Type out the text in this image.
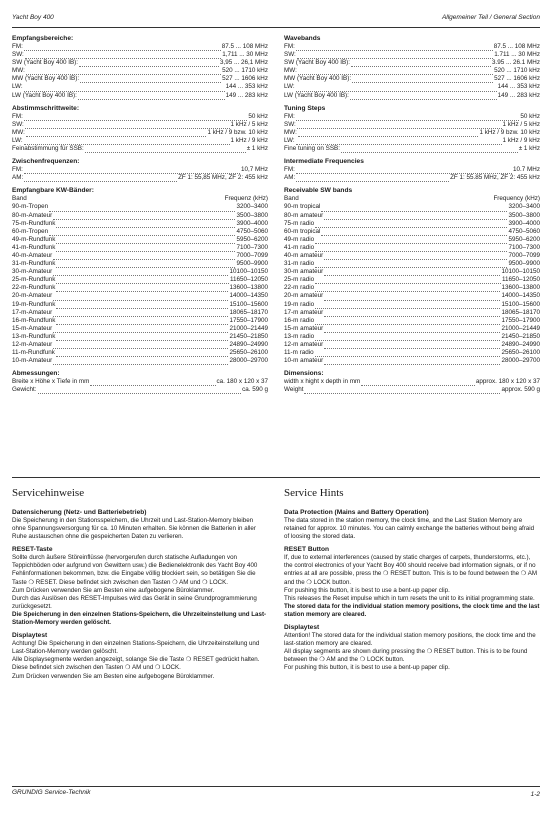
Yacht Boy 400	Allgemeiner Teil / General Section
Empfangsbereiche:
FM:	87.5 ... 108 MHz
SW:	1,711 ... 30 MHz
SW (Yacht Boy 400 IB):	3,95 ... 26,1 MHz
MW:	520 ... 1710 kHz
MW (Yacht Boy 400 IB):	527 ... 1606 kHz
LW:	144 ... 353 kHz
LW (Yacht Boy 400 IB):	149 ... 283 kHz
Abstimmschrittweite:
FM:	50 kHz
SW:	1 kHz / 5 kHz
MW:	1 kHz / 9 bzw. 10 kHz
LW:	1 kHz / 9 kHz
Feinabstimmung für SSB:	± 1 kHz
Zwischenfrequenzen:
FM:	10,7 MHz
AM:	ZF 1: 55,85 MHz, ZF 2: 455 kHz
Empfangbare KW-Bänder:
Band	Frequenz (kHz)
90-m-Tropen	3200–3400
80-m-Amateur	3500–3800
75-m-Rundfunk	3900–4000
60-m-Tropen	4750–5060
49-m-Rundfunk	5950–6200
41-m-Rundfunk	7100–7300
40-m-Amateur	7000–7099
31-m-Rundfunk	9500–9900
30-m-Amateur	10100–10150
25-m-Rundfunk	11650–12050
22-m-Rundfunk	13600–13800
20-m-Amateur	14000–14350
19-m-Rundfunk	15100–15600
17-m-Amateur	18065–18170
16-m-Rundfunk	17550–17900
15-m-Amateur	21000–21449
13-m-Rundfunk	21450–21850
12-m-Amateur	24890–24990
11-m-Rundfunk	25650–26100
10-m-Amateur	28000–29700
Abmessungen:
Breite x Höhe x Tiefe in mm	ca. 180 x 120 x 37
Gewicht:	ca. 590 g
Wavebands
FM:	87.5 ... 108 MHz
SW:	1.711 ... 30 MHz
SW (Yacht Boy 400 IB):	3.95 ... 26.1 MHz
MW:	520 ... 1710 kHz
MW (Yacht Boy 400 IB):	527 ... 1606 kHz
LW:	144 ... 353 kHz
LW (Yacht Boy 400 IB):	149 ... 283 kHz
Tuning Steps
FM:	50 kHz
SW:	1 kHz / 5 kHz
MW:	1 kHz / 9 bzw. 10 kHz
LW:	1 kHz / 9 kHz
Fine tuning on SSB:	± 1 kHz
Intermediate Frequencies
FM:	10.7 MHz
AM:	ZF 1: 55.85 MHz, ZF 2: 455 kHz
Receivable SW bands
Band	Frequency (kHz)
90-m tropical	3200–3400
80-m amateur	3500–3800
75-m radio	3900–4000
60-m tropical	4750–5060
49-m radio	5950–6200
41-m radio	7100–7300
40-m amateur	7000–7099
31-m radio	9500–9900
30-m amateur	10100–10150
25-m radio	11650–12050
22-m radio	13600–13800
20-m amateur	14000–14350
19-m radio	15100–15600
17-m amateur	18065–18170
16-m radio	17550–17900
15-m amateur	21000–21449
13-m radio	21450–21850
12-m amateur	24890–24990
11-m radio	25650–26100
10-m amateur	28000–29700
Dimensions:
width x hight x depth in mm	approx. 180 x 120 x 37
Weight	approx. 590 g
Servicehinweise
Datensicherung (Netz- und Batteriebetrieb)

Die Speicherung in den Stationsspeichern, die Uhrzeit und Last-Station-Memory bleiben ohne Spannungsversorgung für ca. 10 Minuten erhalten. Sie können die Batterien in aller Ruhe austauschen ohne die gespeicherten Daten zu verlieren.

RESET-Taste

Sollte durch äußere Störeinflüsse (hervorgerufen durch statische Aufladungen von Teppichböden oder aufgrund von Gewittern usw.) die Bedienelektronik des Yacht Boy 400 Fehlinformationen bekommen, bzw. die Eingabe völlig blockiert sein, so betätigen Sie die Taste ❍ RESET. Diese befindet sich zwischen den Tasten ❍ AM und ❍ LOCK.

Zum Drücken verwenden Sie am Besten eine aufgebogene Büroklammer.

Durch das Auslösen des RESET-Impulses wird das Gerät in seine Grundprogrammierung zurückgesetzt.

Die Speicherung in den einzelnen Stations-Speichern, die Uhrzeiteinstellung und Last-Station-Memory werden gelöscht.

Displaytest

Achtung! Die Speicherung in den einzelnen Stations-Speichern, die Uhrzeiteinstellung und Last-Station-Memory werden gelöscht.

Alle Displaysegmente werden angezeigt, solange Sie die Taste ❍ RESET gedrückt halten. Diese befindet sich zwischen den Tasten ❍ AM und ❍ LOCK.

Zum Drücken verwenden Sie am Besten eine aufgebogene Büroklammer.

Service Hints
Data Protection (Mains and Battery Operation)

The data stored in the station memory, the clock time, and the Last Station Memory are retained for approx. 10 minutes. You can calmly exchange the batteries without being afraid of loosing the stored data.

RESET Button

If, due to external interferences (caused by static charges of carpets, thunderstorms, etc.), the control electronics of your Yacht Boy 400 should receive bad information signals, or if no entries at all are possible, press the ❍ RESET button. This is to be found between the ❍ AM and the ❍ LOCK button.

For pushing this button, it is best to use a bent-up paper clip.

This releases the Reset impulse which in turn resets the unit to its initial programming state.

The stored data for the individual station memory positions, the clock time and the last station memory are cleared.

Displaytest

Attention! The stored data for the individual station memory positions, the clock time and the last-station memory are cleared.

All display segments are shown during pressing the ❍ RESET button. This is to be found between the ❍ AM and the ❍ LOCK button.

For pushing this button, it is best to use a bent-up paper clip.

GRUNDIG Service-Technik	1-2
